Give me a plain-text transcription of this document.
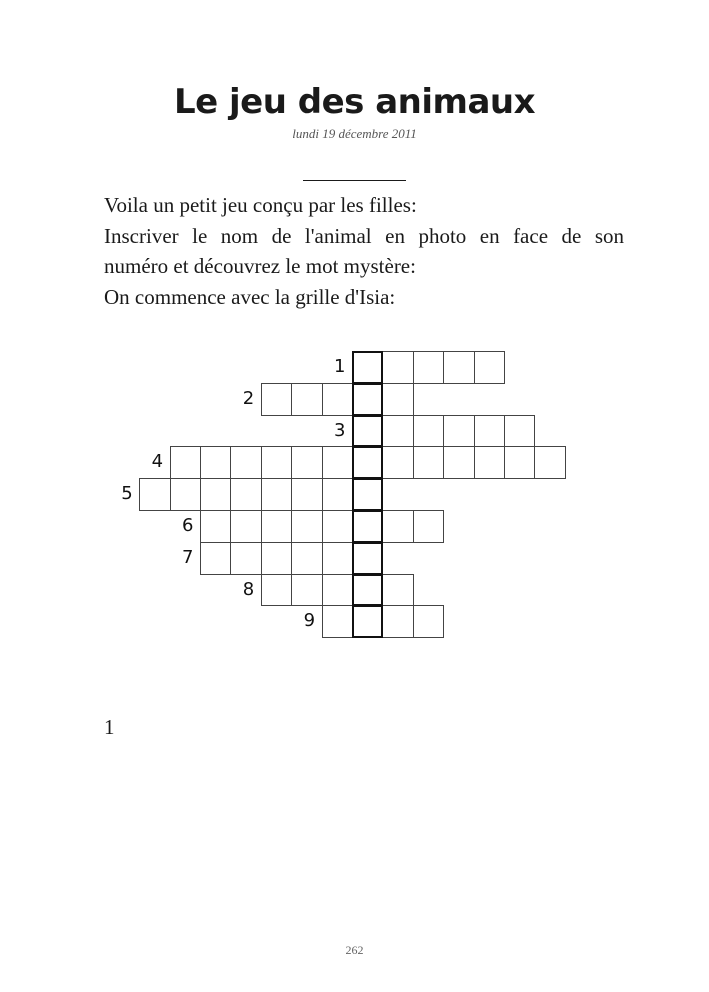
Le jeu des animaux
lundi 19 décembre 2011

Voila un petit jeu conçu par les filles:

Inscriver le nom de l'animal en photo en face de son
numéro et découvrez le mot mystère:

On commence avec la grille d'Isia:

1
2
3
4
5
6
7
8
9
1
262
